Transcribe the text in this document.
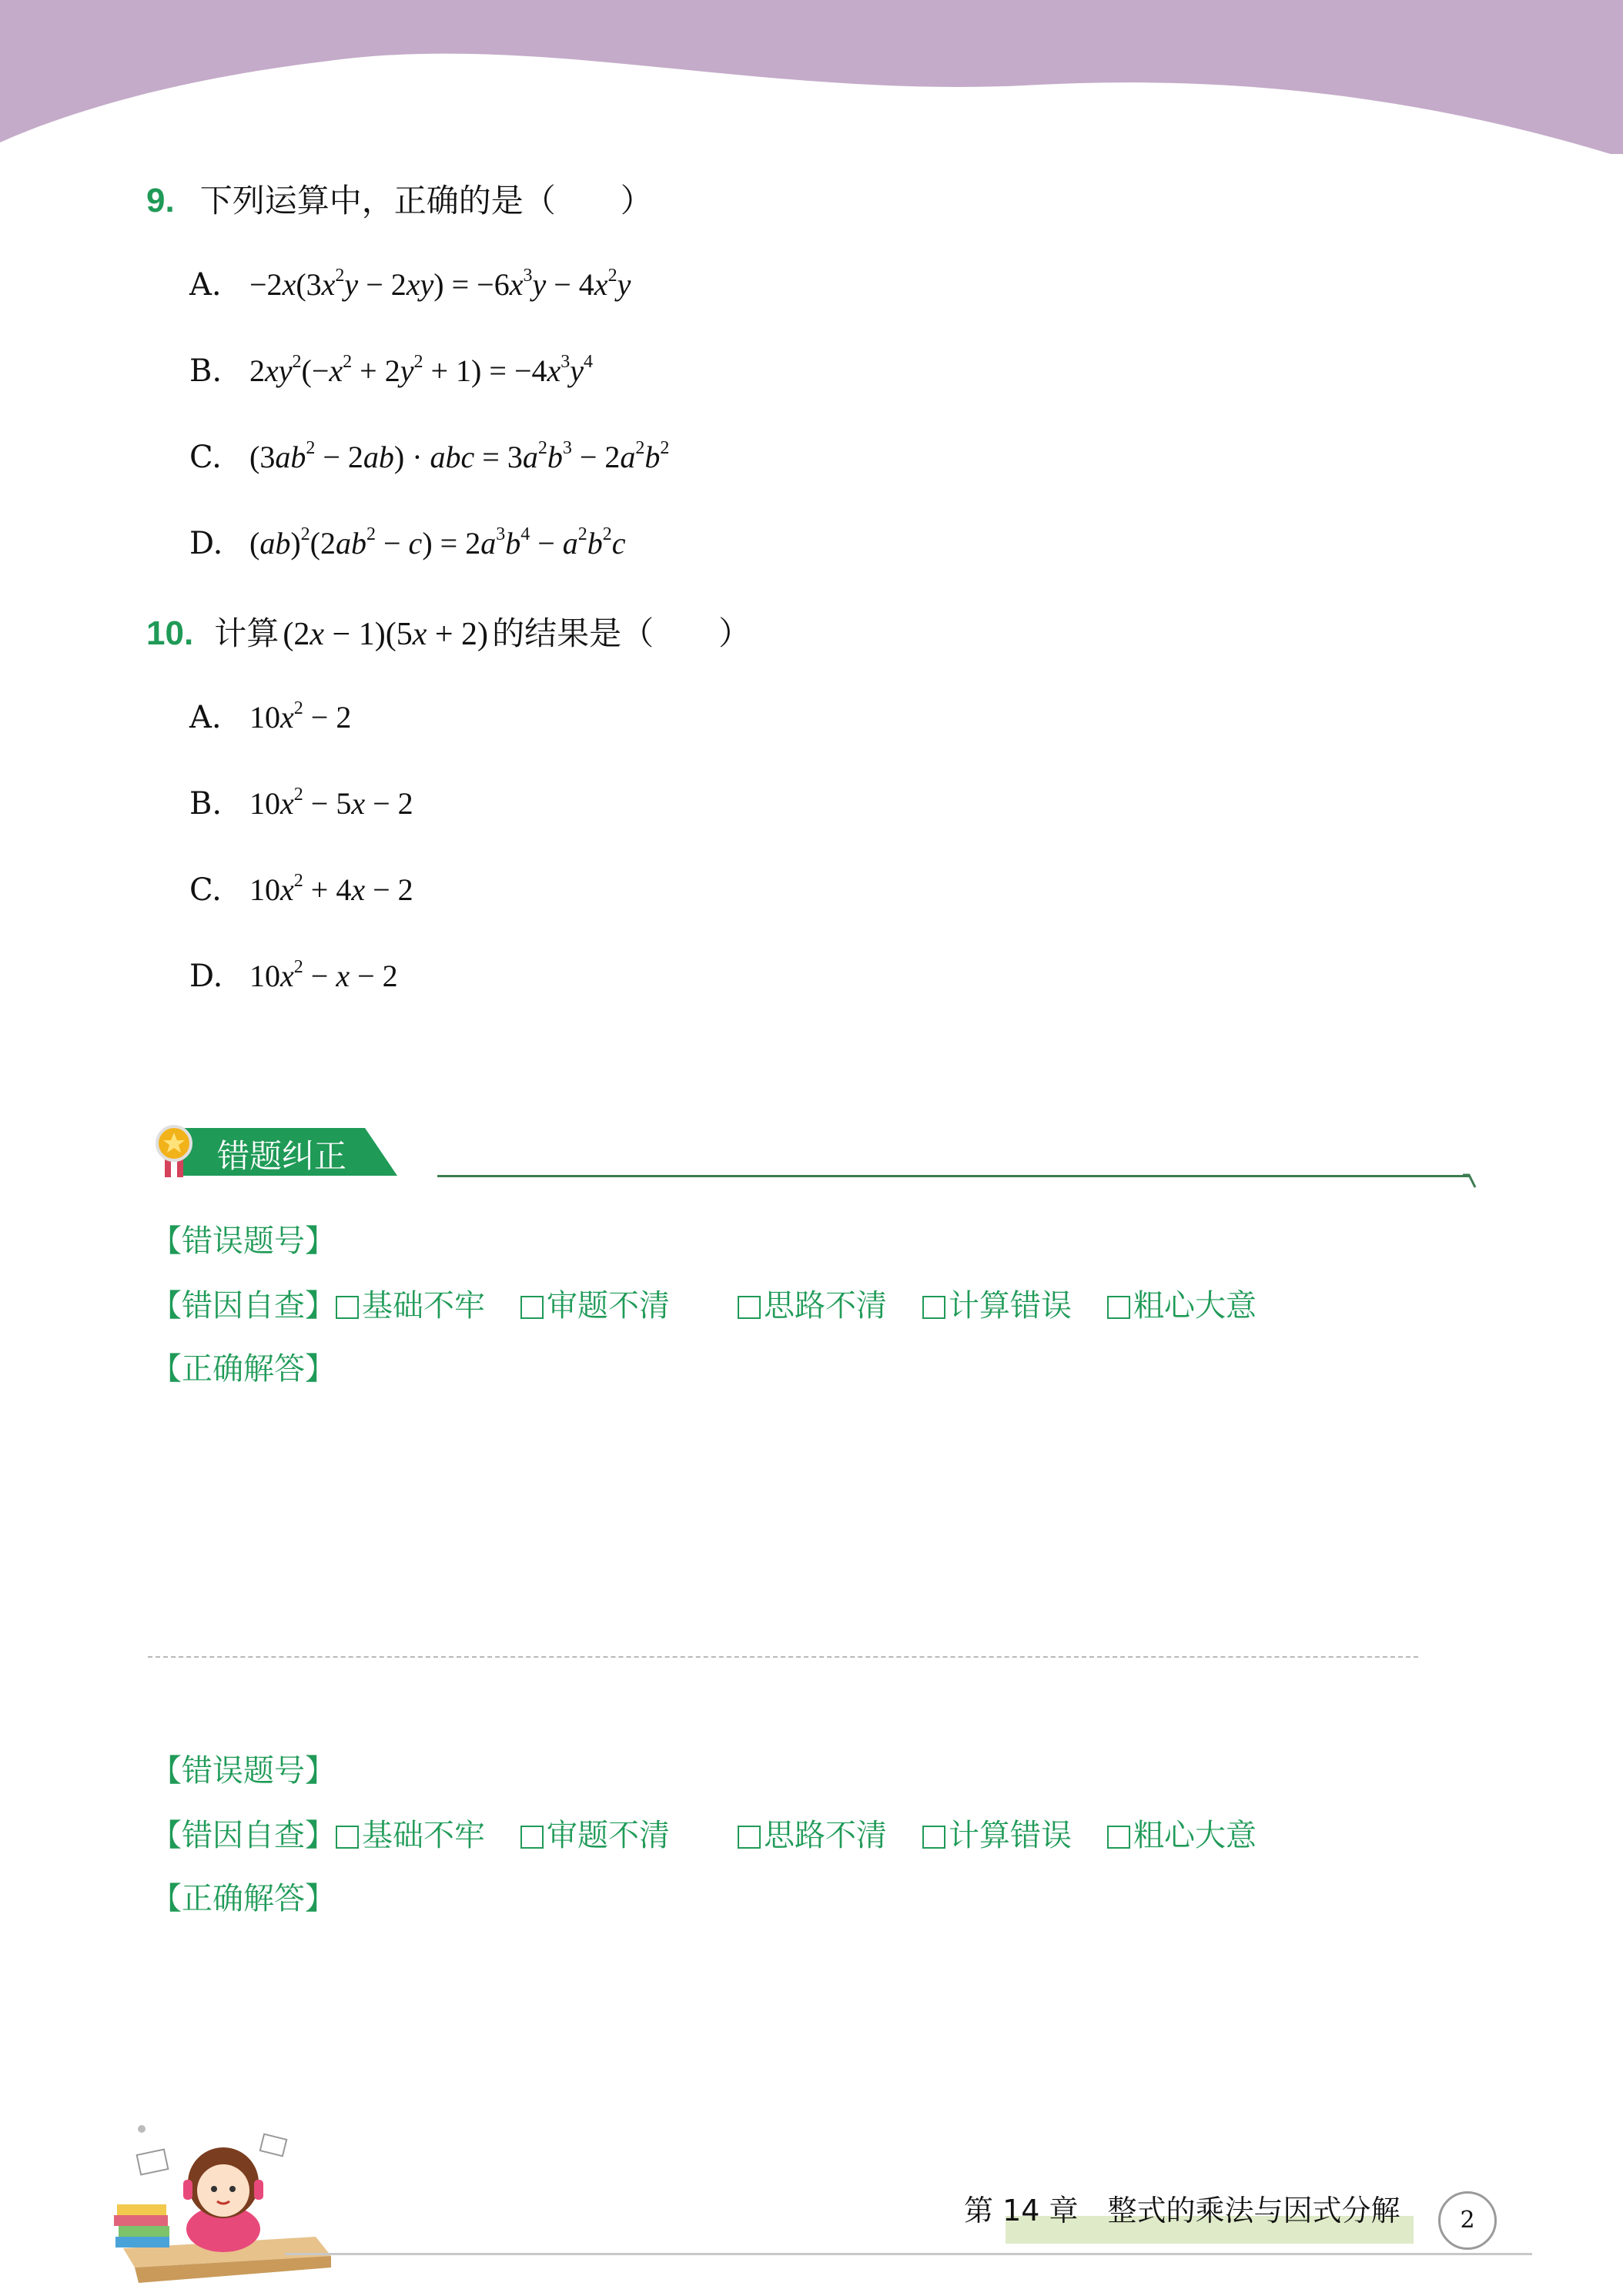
9. 下列运算中，正确的是（　　）
A. $-2x(3x^2y - 2xy) = -6x^3y - 4x^2y$
B. $2xy^2(-x^2 + 2y^2 + 1) = -4x^3y^4$
C. $(3ab^2 - 2ab)$ · abc = $3a^2b^3 - 2a^2b^2$
D. $(ab)^2(2ab^2 - c) = 2a^3b^4 - a^2b^2c$
10. 计算 (2x − 1)(5x + 2) 的结果是（　　）
A. $10x^2 - 2$
B. $10x^2 - 5x - 2$
C. $10x^2 + 4x - 2$
D. $10x^2 - x - 2$
错题纠正
【错误题号】
【错因自查】 基础不牢 审题不清	思路不清 计算错误 粗心大意
【正确解答】
【错误题号】
【错因自查】 基础不牢 审题不清	思路不清 计算错误 粗心大意
【正确解答】
第 14 章　整式的乘法与因式分解	2
